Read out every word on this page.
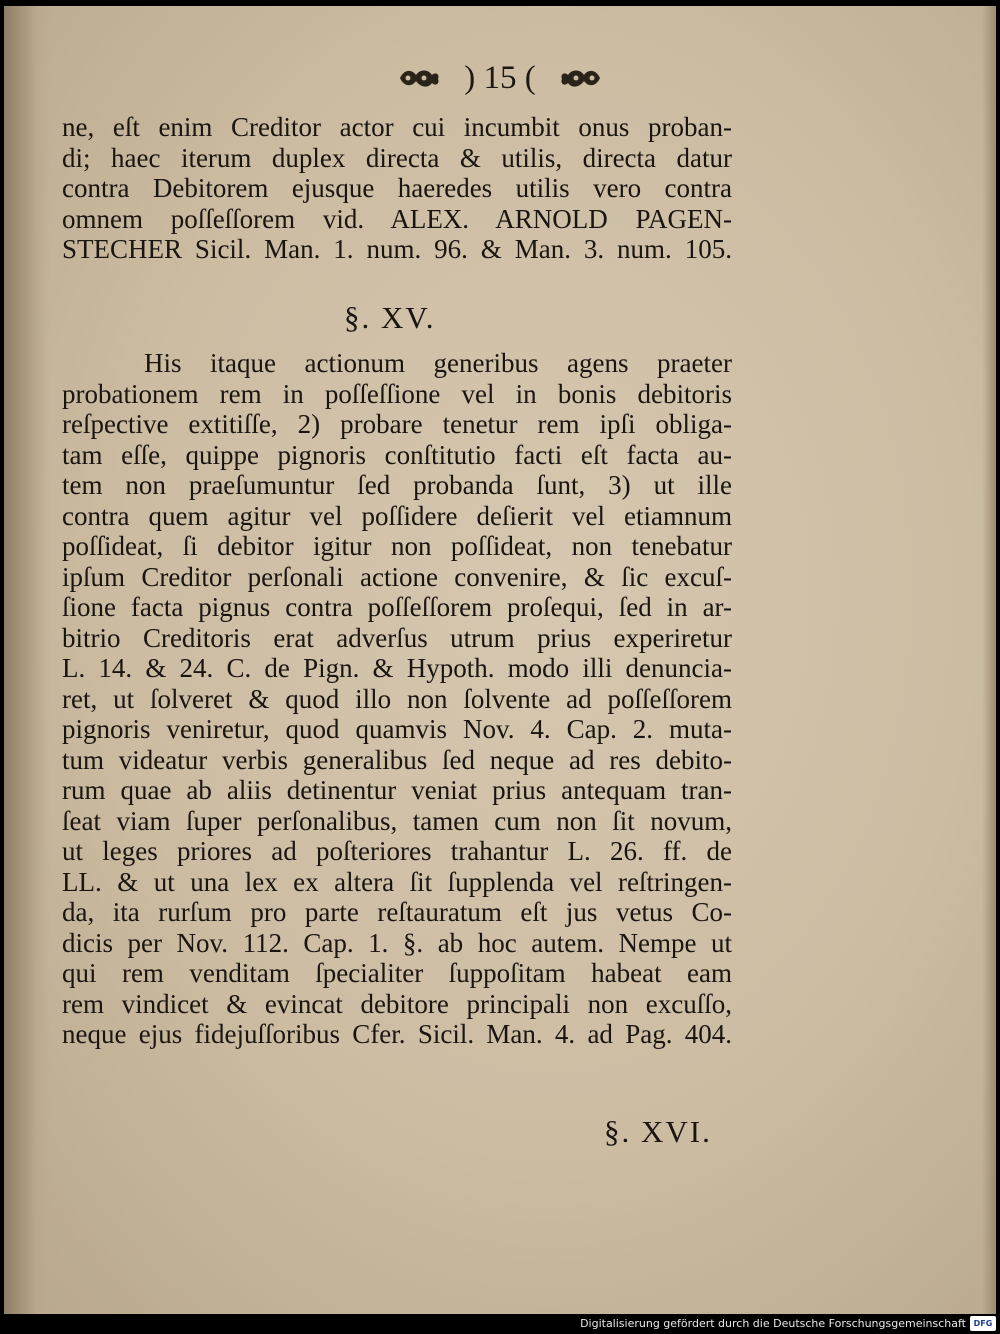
) 15 (
ne, eſt enim Creditor actor cui incumbit onus proban-
di; haec iterum duplex directa & utilis, directa datur
contra Debitorem ejusque haeredes utilis vero contra
omnem poſſeſſorem vid. ALEX. ARNOLD PAGEN-
STECHER Sicil. Man. 1. num. 96. & Man. 3. num. 105.
§. XV.
His itaque actionum generibus agens praeter
probationem rem in poſſeſſione vel in bonis debitoris
reſpective extitiſſe, 2) probare tenetur rem ipſi obliga-
tam eſſe, quippe pignoris conſtitutio facti eſt facta au-
tem non praeſumuntur ſed probanda ſunt, 3) ut ille
contra quem agitur vel poſſidere deſierit vel etiamnum
poſſideat, ſi debitor igitur non poſſideat, non tenebatur
ipſum Creditor perſonali actione convenire, & ſic excuſ-
ſione facta pignus contra poſſeſſorem proſequi, ſed in ar-
bitrio Creditoris erat adverſus utrum prius experiretur
L. 14. & 24. C. de Pign. & Hypoth. modo illi denuncia-
ret, ut ſolveret & quod illo non ſolvente ad poſſeſſorem
pignoris veniretur, quod quamvis Nov. 4. Cap. 2. muta-
tum videatur verbis generalibus ſed neque ad res debito-
rum quae ab aliis detinentur veniat prius antequam tran-
ſeat viam ſuper perſonalibus, tamen cum non ſit novum,
ut leges priores ad poſteriores trahantur L. 26. ff. de
LL. & ut una lex ex altera ſit ſupplenda vel reſtringen-
da, ita rurſum pro parte reſtauratum eſt jus vetus Co-
dicis per Nov. 112. Cap. 1. §. ab hoc autem. Nempe ut
qui rem venditam ſpecialiter ſuppoſitam habeat eam
rem vindicet & evincat debitore principali non excuſſo,
neque ejus fidejuſſoribus Cfer. Sicil. Man. 4. ad Pag. 404.
§. XVI.
Digitalisierung gefördert durch die Deutsche Forschungsgemeinschaft DFG
